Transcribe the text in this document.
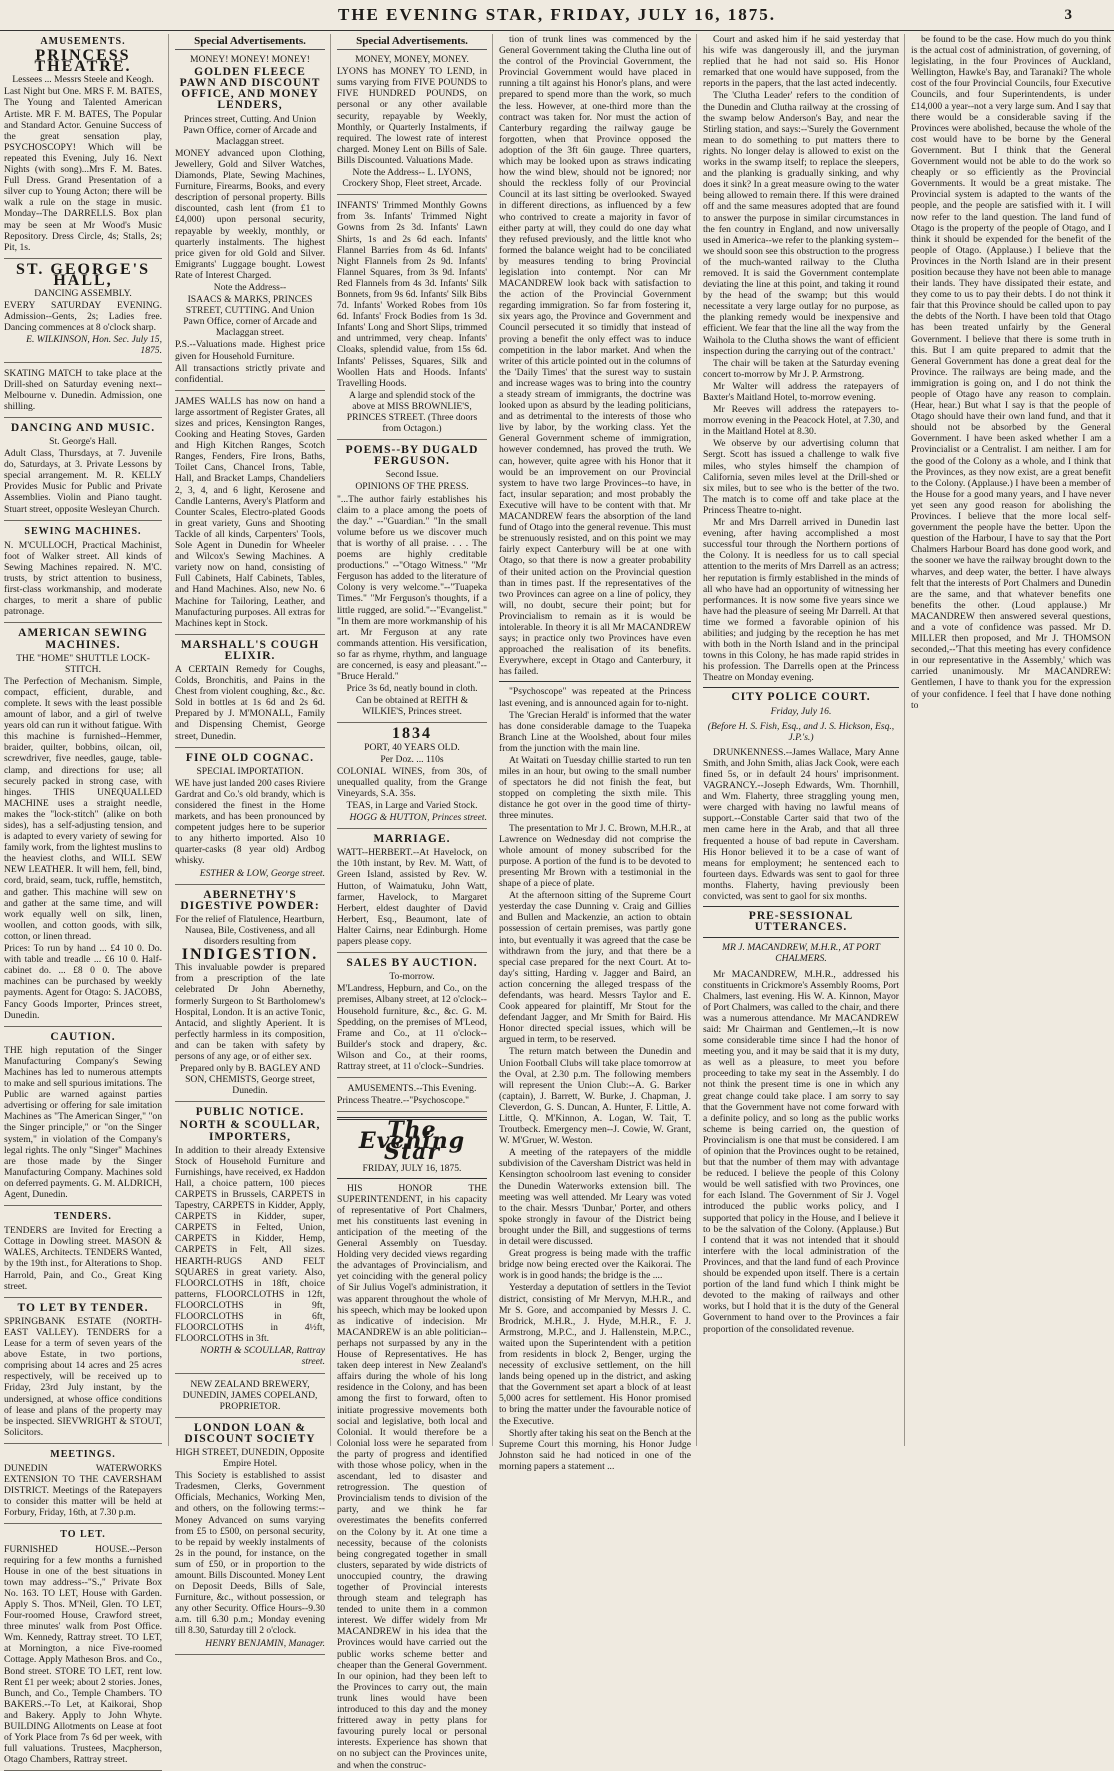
THE EVENING STAR, FRIDAY, JULY 16, 1875.	3
AMUSEMENTS.
PRINCESS THEATRE.

Lessees ... Messrs Steele and Keogh.

Last Night but One. MRS F. M. BATES, The Young and Talented American Artiste. MR F. M. BATES, The Popular and Standard Actor. Genuine Success of the great sensation play, PSYCHOSCOPY! Which will be repeated this Evening, July 16. Next Nights (with song)...Mrs F. M. Bates. Full Dress. Grand Presentation of a silver cup to Young Acton; there will be walk a rule on the stage in music. Monday--The DARRELLS. Box plan may be seen at Mr Wood's Music Repository. Dress Circle, 4s; Stalls, 2s; Pit, 1s.

ST. GEORGE'S HALL,

DANCING ASSEMBLY.

EVERY SATURDAY EVENING. Admission--Gents, 2s; Ladies free. Dancing commences at 8 o'clock sharp.

E. WILKINSON, Hon. Sec. July 15, 1875.

SKATING MATCH to take place at the Drill-shed on Saturday evening next--Melbourne v. Dunedin. Admission, one shilling.

DANCING AND MUSIC.

St. George's Hall.

Adult Class, Thursdays, at 7. Juvenile do, Saturdays, at 3. Private Lessons by special arrangement. M. R. KELLY Provides Music for Public and Private Assemblies. Violin and Piano taught. Stuart street, opposite Wesleyan Church.

SEWING MACHINES.

N. M'CULLOCH, Practical Machinist, foot of Walker street. All kinds of Sewing Machines repaired. N. M'C. trusts, by strict attention to business, first-class workmanship, and moderate charges, to merit a share of public patronage.

AMERICAN SEWING MACHINES.

THE "HOME" SHUTTLE LOCK-STITCH.

The Perfection of Mechanism. Simple, compact, efficient, durable, and complete. It sews with the least possible amount of labor, and a girl of twelve years old can run it without fatigue. With this machine is furnished--Hemmer, braider, quilter, bobbins, oilcan, oil, screwdriver, five needles, gauge, table-clamp, and directions for use; all securely packed in strong case, with hinges. THIS UNEQUALLED MACHINE uses a straight needle, makes the "lock-stitch" (alike on both sides), has a self-adjusting tension, and is adapted to every variety of sewing for family work, from the lightest muslins to the heaviest cloths, and WILL SEW NEW LEATHER. It will hem, fell, bind, cord, braid, seam, tuck, ruffle, hemstitch, and gather. This machine will sew on and gather at the same time, and will work equally well on silk, linen, woollen, and cotton goods, with silk, cotton, or linen thread.

Prices: To run by hand ... £4 10 0. Do. with table and treadle ... £6 10 0. Half-cabinet do. ... £8 0 0. The above machines can be purchased by weekly payments. Agent for Otago: S. JACOBS, Fancy Goods Importer, Princes street, Dunedin.

CAUTION.

THE high reputation of the Singer Manufacturing Company's Sewing Machines has led to numerous attempts to make and sell spurious imitations. The Public are warned against parties advertising or offering for sale imitation Machines as "The American Singer," "on the Singer principle," or "on the Singer system," in violation of the Company's legal rights. The only "Singer" Machines are those made by the Singer Manufacturing Company. Machines sold on deferred payments. G. M. ALDRICH, Agent, Dunedin.

TENDERS.

TENDERS are Invited for Erecting a Cottage in Dowling street. MASON & WALES, Architects. TENDERS Wanted, by the 19th inst., for Alterations to Shop. Harrold, Pain, and Co., Great King street.

TO LET BY TENDER.

SPRINGBANK ESTATE (NORTH-EAST VALLEY). TENDERS for a Lease for a term of seven years of the above Estate, in two portions, comprising about 14 acres and 25 acres respectively, will be received up to Friday, 23rd July instant, by the undersigned, at whose office conditions of lease and plans of the property may be inspected. SIEVWRIGHT & STOUT, Solicitors.

MEETINGS.

DUNEDIN WATERWORKS EXTENSION TO THE CAVERSHAM DISTRICT. Meetings of the Ratepayers to consider this matter will be held at Forbury, Friday, 16th, at 7.30 p.m.

TO LET.

FURNISHED HOUSE.--Person requiring for a few months a furnished House in one of the best situations in town may address--"S.," Private Box No. 163. TO LET, House with Garden. Apply S. Thos. M'Neil, Glen. TO LET, Four-roomed House, Crawford street, three minutes' walk from Post Office. Wm. Kennedy, Rattray street. TO LET, at Mornington, a nice Five-roomed Cottage. Apply Matheson Bros. and Co., Bond street. STORE TO LET, rent low. Rent £1 per week; about 2 stories. Jones, Bunch, and Co., Temple Chambers. TO BAKERS.--To Let, at Kaikorai, Shop and Bakery. Apply to John Whyte. BUILDING Allotments on Lease at foot of York Place from 7s 6d per week, with full valuations. Trustees, Macpherson, Otago Chambers, Rattray street.

Special Advertisements.

MONEY! MONEY! MONEY!

GOLDEN FLEECE PAWN AND DISCOUNT OFFICE, AND MONEY LENDERS,

Princes street, Cutting. And Union Pawn Office, corner of Arcade and Maclaggan street.

MONEY advanced upon Clothing, Jewellery, Gold and Silver Watches, Diamonds, Plate, Sewing Machines, Furniture, Firearms, Books, and every description of personal property. Bills discounted, cash lent (from £1 to £4,000) upon personal security, repayable by weekly, monthly, or quarterly instalments. The highest price given for old Gold and Silver. Emigrants' Luggage bought. Lowest Rate of Interest Charged.

Note the Address--

ISAACS & MARKS, PRINCES STREET, CUTTING. And Union Pawn Office, corner of Arcade and Maclaggan street.

P.S.--Valuations made. Highest price given for Household Furniture.

All transactions strictly private and confidential.

JAMES WALLS has now on hand a large assortment of Register Grates, all sizes and prices, Kensington Ranges, Cooking and Heating Stoves, Garden and High Kitchen Ranges, Scotch Ranges, Fenders, Fire Irons, Baths, Toilet Cans, Chancel Irons, Table, Hall, and Bracket Lamps, Chandeliers 2, 3, 4, and 6 light, Kerosene and Candle Lanterns, Avery's Platform and Counter Scales, Electro-plated Goods in great variety, Guns and Shooting Tackle of all kinds, Carpenters' Tools, Sole Agent in Dunedin for Wheeler and Wilcox's Sewing Machines. A variety now on hand, consisting of Full Cabinets, Half Cabinets, Tables, and Hand Machines. Also, new No. 6 Machine for Tailoring, Leather, and Manufacturing purposes. All extras for Machines kept in Stock.

MARSHALL'S COUGH ELIXIR.

A CERTAIN Remedy for Coughs, Colds, Bronchitis, and Pains in the Chest from violent coughing, &c., &c. Sold in bottles at 1s 6d and 2s 6d. Prepared by J. M'MONALL, Family and Dispensing Chemist, George street, Dunedin.

FINE OLD COGNAC.

SPECIAL IMPORTATION.

WE have just landed 200 cases Riviere Gardrat and Co.'s old brandy, which is considered the finest in the Home markets, and has been pronounced by competent judges here to be superior to any hitherto imported. Also 10 quarter-casks (8 year old) Ardbog whisky.

ESTHER & LOW, George street.

ABERNETHY'S DIGESTIVE POWDER:

For the relief of Flatulence, Heartburn, Nausea, Bile, Costiveness, and all disorders resulting from

INDIGESTION.

This invaluable powder is prepared from a prescription of the late celebrated Dr John Abernethy, formerly Surgeon to St Bartholomew's Hospital, London. It is an active Tonic, Antacid, and slightly Aperient. It is perfectly harmless in its composition, and can be taken with safety by persons of any age, or of either sex.

Prepared only by B. BAGLEY AND SON, CHEMISTS, George street, Dunedin.

PUBLIC NOTICE.
NORTH & SCOULLAR, IMPORTERS,

In addition to their already Extensive Stock of Household Furniture and Furnishings, have received, ex Haddon Hall, a choice pattern, 100 pieces CARPETS in Brussels, CARPETS in Tapestry, CARPETS in Kidder, Apply, CARPETS in Kidder, super, CARPETS in Felted, Union, CARPETS in Kidder, Hemp, CARPETS in Felt, All sizes. HEARTH-RUGS AND FELT SQUARES in great variety. Also, FLOORCLOTHS in 18ft, choice patterns, FLOORCLOTHS in 12ft, FLOORCLOTHS in 9ft, FLOORCLOTHS in 6ft, FLOORCLOTHS in 4½ft, FLOORCLOTHS in 3ft.

NORTH & SCOULLAR, Rattray street.

NEW ZEALAND BREWERY, DUNEDIN, JAMES COPELAND, PROPRIETOR.

LONDON LOAN & DISCOUNT SOCIETY

HIGH STREET, DUNEDIN, Opposite Empire Hotel.

This Society is established to assist Tradesmen, Clerks, Government Officials, Mechanics, Working Men, and others, on the following terms:-- Money Advanced on sums varying from £5 to £500, on personal security, to be repaid by weekly instalments of 2s in the pound, for instance, on the sum of £50, or in proportion to the amount. Bills Discounted. Money Lent on Deposit Deeds, Bills of Sale, Furniture, &c., without possession, or any other Security. Office Hours--9.30 a.m. till 6.30 p.m.; Monday evening till 8.30, Saturday till 2 o'clock.

HENRY BENJAMIN, Manager.

Special Advertisements.

MONEY, MONEY, MONEY.

LYONS has MONEY TO LEND, in sums varying from FIVE POUNDS to FIVE HUNDRED POUNDS, on personal or any other available security, repayable by Weekly, Monthly, or Quarterly Instalments, if required. The lowest rate of interest charged. Money Lent on Bills of Sale. Bills Discounted. Valuations Made.

Note the Address-- L. LYONS, Crockery Shop, Fleet street, Arcade.

INFANTS' Trimmed Monthly Gowns from 3s. Infants' Trimmed Night Gowns from 2s 3d. Infants' Lawn Shirts, 1s and 2s 6d each. Infants' Flannel Barries from 4s 6d. Infants' Night Flannels from 2s 9d. Infants' Flannel Squares, from 3s 9d. Infants' Red Flannels from 4s 3d. Infants' Silk Bonnets, from 9s 6d. Infants' Silk Bibs 7d. Infants' Worked Robes from 10s 6d. Infants' Frock Bodies from 1s 3d. Infants' Long and Short Slips, trimmed and untrimmed, very cheap. Infants' Cloaks, splendid value, from 15s 6d. Infants' Pelisses, Squares, Silk and Woollen Hats and Hoods. Infants' Travelling Hoods.

A large and splendid stock of the above at MISS BROWNLIE'S, PRINCES STREET. (Three doors from Octagon.)

POEMS--BY DUGALD FERGUSON.

Second Issue.

OPINIONS OF THE PRESS.

"...The author fairly establishes his claim to a place among the poets of the day." --"Guardian." "In the small volume before us we discover much that is worthy of all praise. . . . The poems are highly creditable productions." --"Otago Witness." "Mr Ferguson has added to the literature of Colony is very welcome."--"Tuapeka Times." "Mr Ferguson's thoughts, if a little rugged, are solid."--"Evangelist." "In them are more workmanship of his art. Mr Ferguson at any rate commands attention. His versification, so far as rhyme, rhythm, and language are concerned, is easy and pleasant."--"Bruce Herald."

Price 3s 6d, neatly bound in cloth.

Can be obtained at REITH & WILKIE'S, Princes street.

1834

PORT, 40 YEARS OLD.

Per Doz. ... 110s

COLONIAL WINES, from 30s, of unequalled quality, from the Grange Vineyards, S.A. 35s.

TEAS, in Large and Varied Stock.

HOGG & HUTTON, Princes street.

MARRIAGE.

WATT--HERBERT.--At Havelock, on the 10th instant, by Rev. M. Watt, of Green Island, assisted by Rev. W. Hutton, of Waimatuku, John Watt, farmer, Havelock, to Margaret Herbert, eldest daughter of David Herbert, Esq., Beaumont, late of Halter Cairns, near Edinburgh. Home papers please copy.

SALES BY AUCTION.

To-morrow.

M'Landress, Hepburn, and Co., on the premises, Albany street, at 12 o'clock--Household furniture, &c., &c. G. M. Spedding, on the premises of M'Leod, Frame and Co., at 11 o'clock--Builder's stock and drapery, &c. Wilson and Co., at their rooms, Rattray street, at 11 o'clock--Sundries.

AMUSEMENTS.--This Evening.

Princess Theatre.--"Psychoscope."

The Evening Star
FRIDAY, JULY 16, 1875.

HIS HONOR THE SUPERINTENDENT, in his capacity of representative of Port Chalmers, met his constituents last evening in anticipation of the meeting of the General Assembly on Tuesday. Holding very decided views regarding the advantages of Provincialism, and yet coinciding with the general policy of Sir Julius Vogel's administration, it was apparent throughout the whole of his speech, which may be looked upon as indicative of indecision. Mr MACANDREW is an able politician--perhaps not surpassed by any in the House of Representatives. He has taken deep interest in New Zealand's affairs during the whole of his long residence in the Colony, and has been among the first to forward, often to initiate progressive movements both social and legislative, both local and Colonial. It would therefore be a Colonial loss were he separated from the party of progress and identified with those whose policy, when in the ascendant, led to disaster and retrogression. The question of Provincialism tends to division of the party, and we think he far overestimates the benefits conferred on the Colony by it. At one time a necessity, because of the colonists being congregated together in small clusters, separated by wide districts of unoccupied country, the drawing together of Provincial interests through steam and telegraph has tended to unite them in a common interest. We differ widely from Mr MACANDREW in his idea that the Provinces would have carried out the public works scheme better and cheaper than the General Government. In our opinion, had they been left to the Provinces to carry out, the main trunk lines would have been introduced to this day and the money frittered away in petty plans for favouring purely local or personal interests. Experience has shown that on no subject can the Provinces unite, and when the construc-

tion of trunk lines was commenced by the General Government taking the Clutha line out of the control of the Provincial Government, the Provincial Government would have placed in running a tilt against his Honor's plans, and were prepared to spend more than the work, so much the less. However, at one-third more than the contract was taken for. Nor must the action of Canterbury regarding the railway gauge be forgotten, when that Province opposed the adoption of the 3ft 6in gauge. Three quarters, which may be looked upon as straws indicating how the wind blew, should not be ignored; nor should the reckless folly of our Provincial Council at its last sitting be overlooked. Swayed in different directions, as influenced by a few who contrived to create a majority in favor of either party at will, they could do one day what they refused previously, and the little knot who formed the balance weight had to be conciliated by measures tending to bring Provincial legislation into contempt. Nor can Mr MACANDREW look back with satisfaction to the action of the Provincial Government regarding immigration. So far from fostering it, six years ago, the Province and Government and Council persecuted it so timidly that instead of proving a benefit the only effect was to induce competition in the labor market. And when the writer of this article pointed out in the columns of the 'Daily Times' that the surest way to sustain and increase wages was to bring into the country a steady stream of immigrants, the doctrine was looked upon as absurd by the leading politicians, and as detrimental to the interests of those who live by labor, by the working class. Yet the General Government scheme of immigration, however condemned, has proved the truth. We can, however, quite agree with his Honor that it would be an improvement on our Provincial system to have two large Provinces--to have, in fact, insular separation; and most probably the Executive will have to be content with that. Mr MACANDREW fears the absorption of the land fund of Otago into the general revenue. This must be strenuously resisted, and on this point we may fairly expect Canterbury will be at one with Otago, so that there is now a greater probability of their united action on the Provincial question than in times past. If the representatives of the two Provinces can agree on a line of policy, they will, no doubt, secure their point; but for Provincialism to remain as it is would be intolerable. In theory it is all Mr MACANDREW says; in practice only two Provinces have even approached the realisation of its benefits. Everywhere, except in Otago and Canterbury, it has failed.

"Psychoscope" was repeated at the Princess last evening, and is announced again for to-night.

The 'Grecian Herald' is informed that the water has done considerable damage to the Tuapeka Branch Line at the Woolshed, about four miles from the junction with the main line.

At Waitati on Tuesday chillie started to run ten miles in an hour, but owing to the small number of spectators he did not finish the feat, but stopped on completing the sixth mile. This distance he got over in the good time of thirty-three minutes.

The presentation to Mr J. C. Brown, M.H.R., at Lawrence on Wednesday did not comprise the whole amount of money subscribed for the purpose. A portion of the fund is to be devoted to presenting Mr Brown with a testimonial in the shape of a piece of plate.

At the afternoon sitting of the Supreme Court yesterday the case Dunning v. Craig and Gillies and Bullen and Mackenzie, an action to obtain possession of certain premises, was partly gone into, but eventually it was agreed that the case be withdrawn from the jury, and that there be a special case prepared for the next Court. At to-day's sitting, Harding v. Jagger and Baird, an action concerning the alleged trespass of the defendants, was heard. Messrs Taylor and E. Cook appeared for plaintiff, Mr Stout for the defendant Jagger, and Mr Smith for Baird. His Honor directed special issues, which will be argued in term, to be reserved.

The return match between the Dunedin and Union Football Clubs will take place tomorrow at the Oval, at 2.30 p.m. The following members will represent the Union Club:--A. G. Barker (captain), J. Barrett, W. Burke, J. Chapman, J. Cleverdon, G. S. Duncan, A. Hunter, F. Little, A. Little, Q. M'Kinnon, A. Logan, W. Tait, T. Troutbeck. Emergency men--J. Cowie, W. Grant, W. M'Gruer, W. Weston.

A meeting of the ratepayers of the middle subdivision of the Caversham District was held in Kensington schoolroom last evening to consider the Dunedin Waterworks extension bill. The meeting was well attended. Mr Leary was voted to the chair. Messrs 'Dunbar,' Porter, and others spoke strongly in favour of the District being brought under the Bill, and suggestions of terms in detail were discussed.

Great progress is being made with the traffic bridge now being erected over the Kaikorai. The work is in good hands; the bridge is the ....

Yesterday a deputation of settlers in the Teviot district, consisting of Mr Mervyn, M.H.R., and Mr S. Gore, and accompanied by Messrs J. C. Brodrick, M.H.R., J. Hyde, M.H.R., F. J. Armstrong, M.P.C., and J. Hallenstein, M.P.C., waited upon the Superintendent with a petition from residents in block 2, Benger, urging the necessity of exclusive settlement, on the hill lands being opened up in the district, and asking that the Government set apart a block of at least 5,000 acres for settlement. His Honor promised to bring the matter under the favourable notice of the Executive.

Shortly after taking his seat on the Bench at the Supreme Court this morning, his Honor Judge Johnston said he had noticed in one of the morning papers a statement ...

Court and asked him if he said yesterday that his wife was dangerously ill, and the juryman replied that he had not said so. His Honor remarked that one would have supposed, from the reports in the papers, that the last acted indecently.

The 'Clutha Leader' refers to the condition of the Dunedin and Clutha railway at the crossing of the swamp below Anderson's Bay, and near the Stirling station, and says:--'Surely the Government mean to do something to put matters there to rights. No longer delay is allowed to exist on the works in the swamp itself; to replace the sleepers, and the planking is gradually sinking, and why does it sink? In a great measure owing to the water being allowed to remain there. If this were drained off and the same measures adopted that are found to answer the purpose in similar circumstances in the fen country in England, and now universally used in America--we refer to the planking system--we should soon see this obstruction to the progress of the much-wanted railway to the Clutha removed. It is said the Government contemplate deviating the line at this point, and taking it round by the head of the swamp; but this would necessitate a very large outlay for no purpose, as the planking remedy would be inexpensive and efficient. We fear that the line all the way from the Waihola to the Clutha shows the want of efficient inspection during the carrying out of the contract.'

The chair will be taken at the Saturday evening concert to-morrow by Mr J. P. Armstrong.

Mr Walter will address the ratepayers of Baxter's Maitland Hotel, to-morrow evening.

Mr Reeves will address the ratepayers to-morrow evening in the Peacock Hotel, at 7.30, and in the Maitland Hotel at 8.30.

We observe by our advertising column that Sergt. Scott has issued a challenge to walk five miles, who styles himself the champion of California, seven miles level at the Drill-shed or six miles, but to see who is the better of the two. The match is to come off and take place at the Princess Theatre to-night.

Mr and Mrs Darrell arrived in Dunedin last evening, after having accomplished a most successful tour through the Northern portions of the Colony. It is needless for us to call special attention to the merits of Mrs Darrell as an actress; her reputation is firmly established in the minds of all who have had an opportunity of witnessing her performances. It is now some five years since we have had the pleasure of seeing Mr Darrell. At that time we formed a favorable opinion of his abilities; and judging by the reception he has met with both in the North Island and in the principal towns in this Colony, he has made rapid strides in his profession. The Darrells open at the Princess Theatre on Monday evening.

CITY POLICE COURT.
Friday, July 16.
(Before H. S. Fish, Esq., and J. S. Hickson, Esq., J.P.'s.)

DRUNKENNESS.--James Wallace, Mary Anne Smith, and John Smith, alias Jack Cook, were each fined 5s, or in default 24 hours' imprisonment. VAGRANCY.--Joseph Edwards, Wm. Thornhill, and Wm. Flaherty, three straggling young men, were charged with having no lawful means of support.--Constable Carter said that two of the men came here in the Arab, and that all three frequented a house of bad repute in Caversham. His Honor believed it to be a case of want of means for employment; he sentenced each to fourteen days. Edwards was sent to gaol for three months. Flaherty, having previously been convicted, was sent to gaol for six months.

PRE-SESSIONAL UTTERANCES.
MR J. MACANDREW, M.H.R., AT PORT CHALMERS.

Mr MACANDREW, M.H.R., addressed his constituents in Crickmore's Assembly Rooms, Port Chalmers, last evening. His W. A. Kinnon, Mayor of Port Chalmers, was called to the chair, and there was a numerous attendance. Mr MACANDREW said: Mr Chairman and Gentlemen,--It is now some considerable time since I had the honor of meeting you, and it may be said that it is my duty, as well as a pleasure, to meet you before proceeding to take my seat in the Assembly. I do not think the present time is one in which any great change could take place. I am sorry to say that the Government have not come forward with a definite policy, and so long as the public works scheme is being carried on, the question of Provincialism is one that must be considered. I am of opinion that the Provinces ought to be retained, but that the number of them may with advantage be reduced. I believe the people of this Colony would be well satisfied with two Provinces, one for each Island. The Government of Sir J. Vogel introduced the public works policy, and I supported that policy in the House, and I believe it to be the salvation of the Colony. (Applause.) But I contend that it was not intended that it should interfere with the local administration of the Provinces, and that the land fund of each Province should be expended upon itself. There is a certain portion of the land fund which I think might be devoted to the making of railways and other works, but I hold that it is the duty of the General Government to hand over to the Provinces a fair proportion of the consolidated revenue.

be found to be the case. How much do you think is the actual cost of administration, of governing, of legislating, in the four Provinces of Auckland, Wellington, Hawke's Bay, and Taranaki? The whole cost of the four Provincial Councils, four Executive Councils, and four Superintendents, is under £14,000 a year--not a very large sum. And I say that there would be a considerable saving if the Provinces were abolished, because the whole of the cost would have to be borne by the General Government. But I think that the General Government would not be able to do the work so cheaply or so efficiently as the Provincial Governments. It would be a great mistake. The Provincial system is adapted to the wants of the people, and the people are satisfied with it. I will now refer to the land question. The land fund of Otago is the property of the people of Otago, and I think it should be expended for the benefit of the people of Otago. (Applause.) I believe that the Provinces in the North Island are in their present position because they have not been able to manage their lands. They have dissipated their estate, and they come to us to pay their debts. I do not think it fair that this Province should be called upon to pay the debts of the North. I have been told that Otago has been treated unfairly by the General Government. I believe that there is some truth in this. But I am quite prepared to admit that the General Government has done a great deal for the Province. The railways are being made, and the immigration is going on, and I do not think the people of Otago have any reason to complain. (Hear, hear.) But what I say is that the people of Otago should have their own land fund, and that it should not be absorbed by the General Government. I have been asked whether I am a Provincialist or a Centralist. I am neither. I am for the good of the Colony as a whole, and I think that the Provinces, as they now exist, are a great benefit to the Colony. (Applause.) I have been a member of the House for a good many years, and I have never yet seen any good reason for abolishing the Provinces. I believe that the more local self-government the people have the better. Upon the question of the Harbour, I have to say that the Port Chalmers Harbour Board has done good work, and the sooner we have the railway brought down to the wharves, and deep water, the better. I have always felt that the interests of Port Chalmers and Dunedin are the same, and that whatever benefits one benefits the other. (Loud applause.) Mr MACANDREW then answered several questions, and a vote of confidence was passed. Mr D. MILLER then proposed, and Mr J. THOMSON seconded,--'That this meeting has every confidence in our representative in the Assembly,' which was carried unanimously. Mr MACANDREW: Gentlemen, I have to thank you for the expression of your confidence. I feel that I have done nothing to
